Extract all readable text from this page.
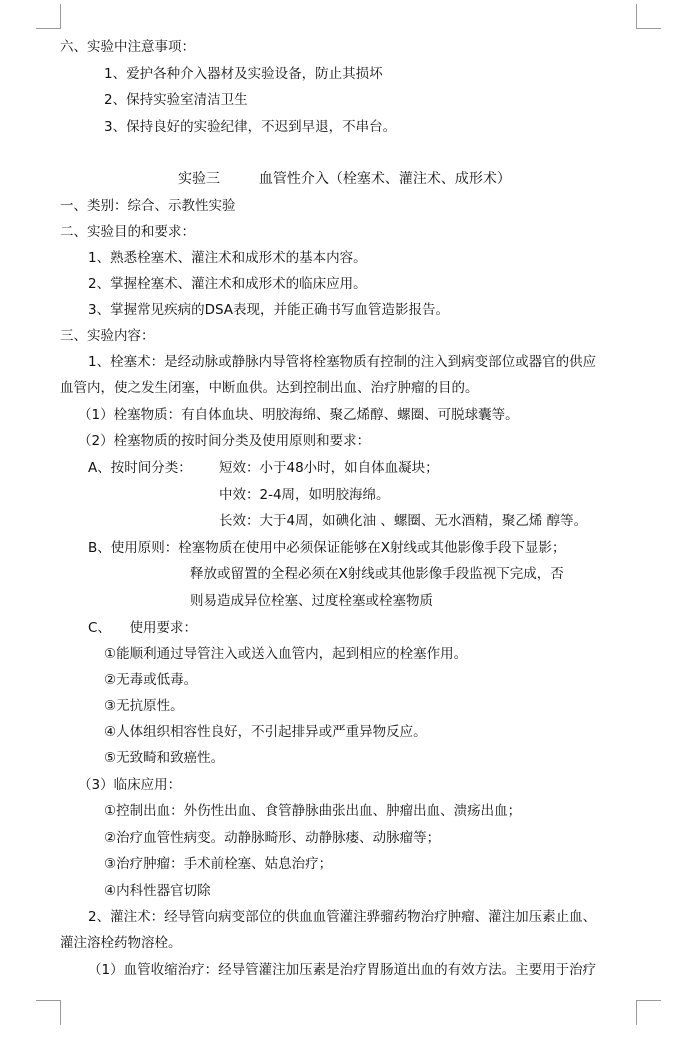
六、实验中注意事项：
1、爱护各种介入器材及实验设备，防止其损坏
2、保持实验室清洁卫生
3、保持良好的实验纪律，不迟到早退，不串台。
实验三	血管性介入（栓塞术、灌注术、成形术）
一、类别：综合、示教性实验
二、实验目的和要求：
1、熟悉栓塞术、灌注术和成形术的基本内容。
2、掌握栓塞术、灌注术和成形术的临床应用。
3、掌握常见疾病的DSA表现，并能正确书写血管造影报告。
三、实验内容：
1、栓塞术：是经动脉或静脉内导管将栓塞物质有控制的注入到病变部位或器官的供应
血管内，使之发生闭塞，中断血供。达到控制出血、治疗肿瘤的目的。
（1）栓塞物质：有自体血块、明胶海绵、聚乙烯醇、螺圈、可脱球囊等。
（2）栓塞物质的按时间分类及使用原则和要求：
A、按时间分类： 短效：小于48小时，如自体血凝块；
中效：2-4周，如明胶海绵。
长效：大于4周，如碘化油 、螺圈、无水酒精，聚乙烯 醇等。
B、使用原则：栓塞物质在使用中必须保证能够在X射线或其他影像手段下显影；
释放或留置的全程必须在X射线或其他影像手段监视下完成，否
则易造成异位栓塞、过度栓塞或栓塞物质
C、 使用要求：
①能顺利通过导管注入或送入血管内，起到相应的栓塞作用。
②无毒或低毒。
③无抗原性。
④人体组织相容性良好，不引起排异或严重异物反应。
⑤无致畸和致癌性。
（3）临床应用：
①控制出血：外伤性出血、食管静脉曲张出血、肿瘤出血、溃疡出血；
②治疗血管性病变。动静脉畸形、动静脉瘘、动脉瘤等；
③治疗肿瘤：手术前栓塞、姑息治疗；
④内科性器官切除
2、灌注术：经导管向病变部位的供血血管灌注骅骝药物治疗肿瘤、灌注加压素止血、
灌注溶栓药物溶栓。
（1）血管收缩治疗：经导管灌注加压素是治疗胃肠道出血的有效方法。主要用于治疗
